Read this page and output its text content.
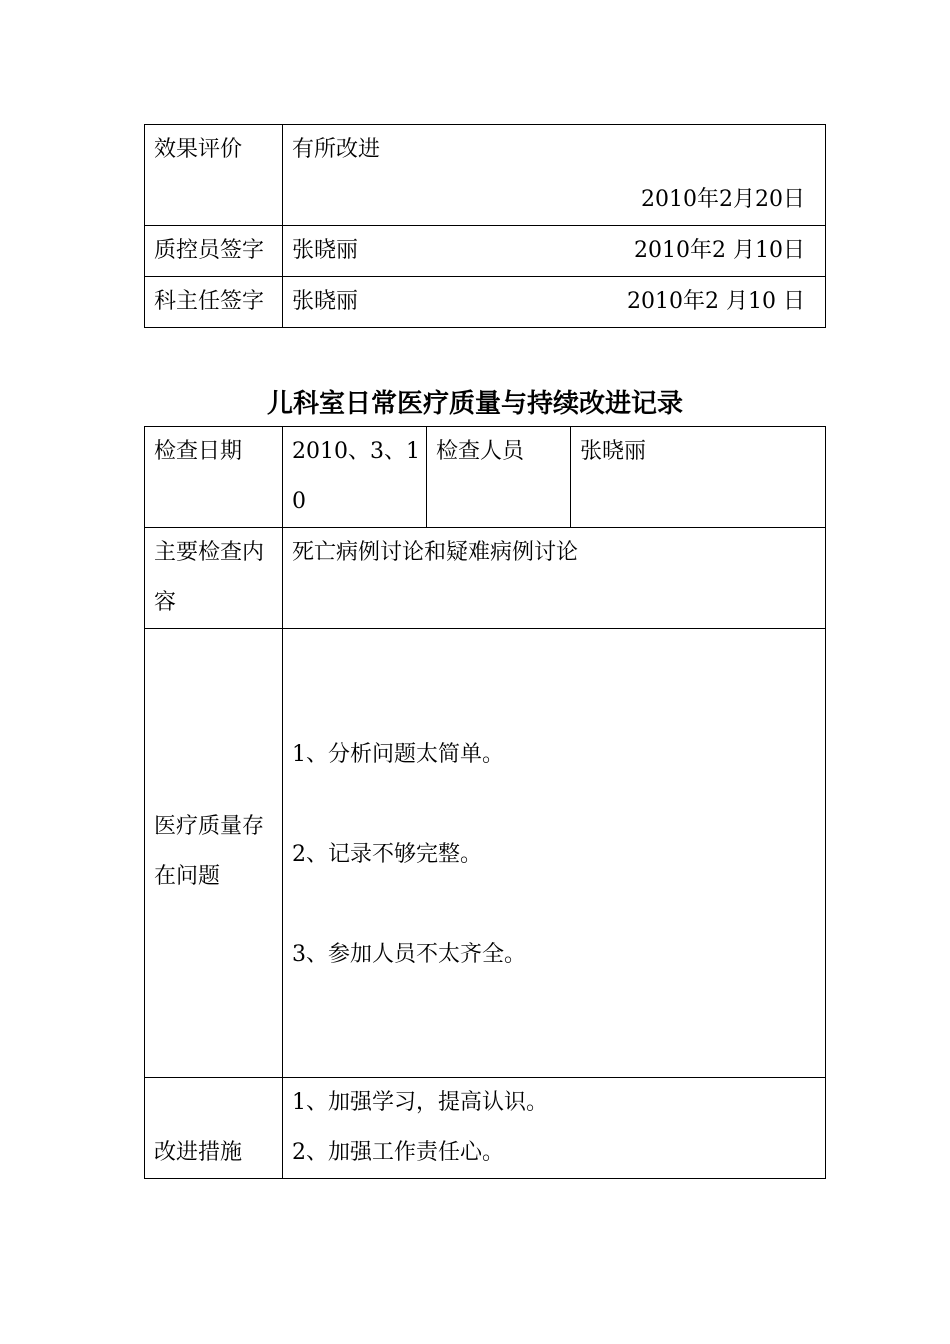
效果评价	有所改进
2010年2月20日

质控员签字	张晓丽 2010年2 月10日

科主任签字	张晓丽 2010年2 月10 日
儿科室日常医疗质量与持续改进记录
检查日期	2010、3、10	检查人员	张晓丽

主要检查内容	死亡病例讨论和疑难病例讨论		

医疗质量存在问题	1、分析问题太简单。
2、记录不够完整。
3、参加人员不太齐全。		

改进措施	1、加强学习，提高认识。
2、加强工作责任心。		
